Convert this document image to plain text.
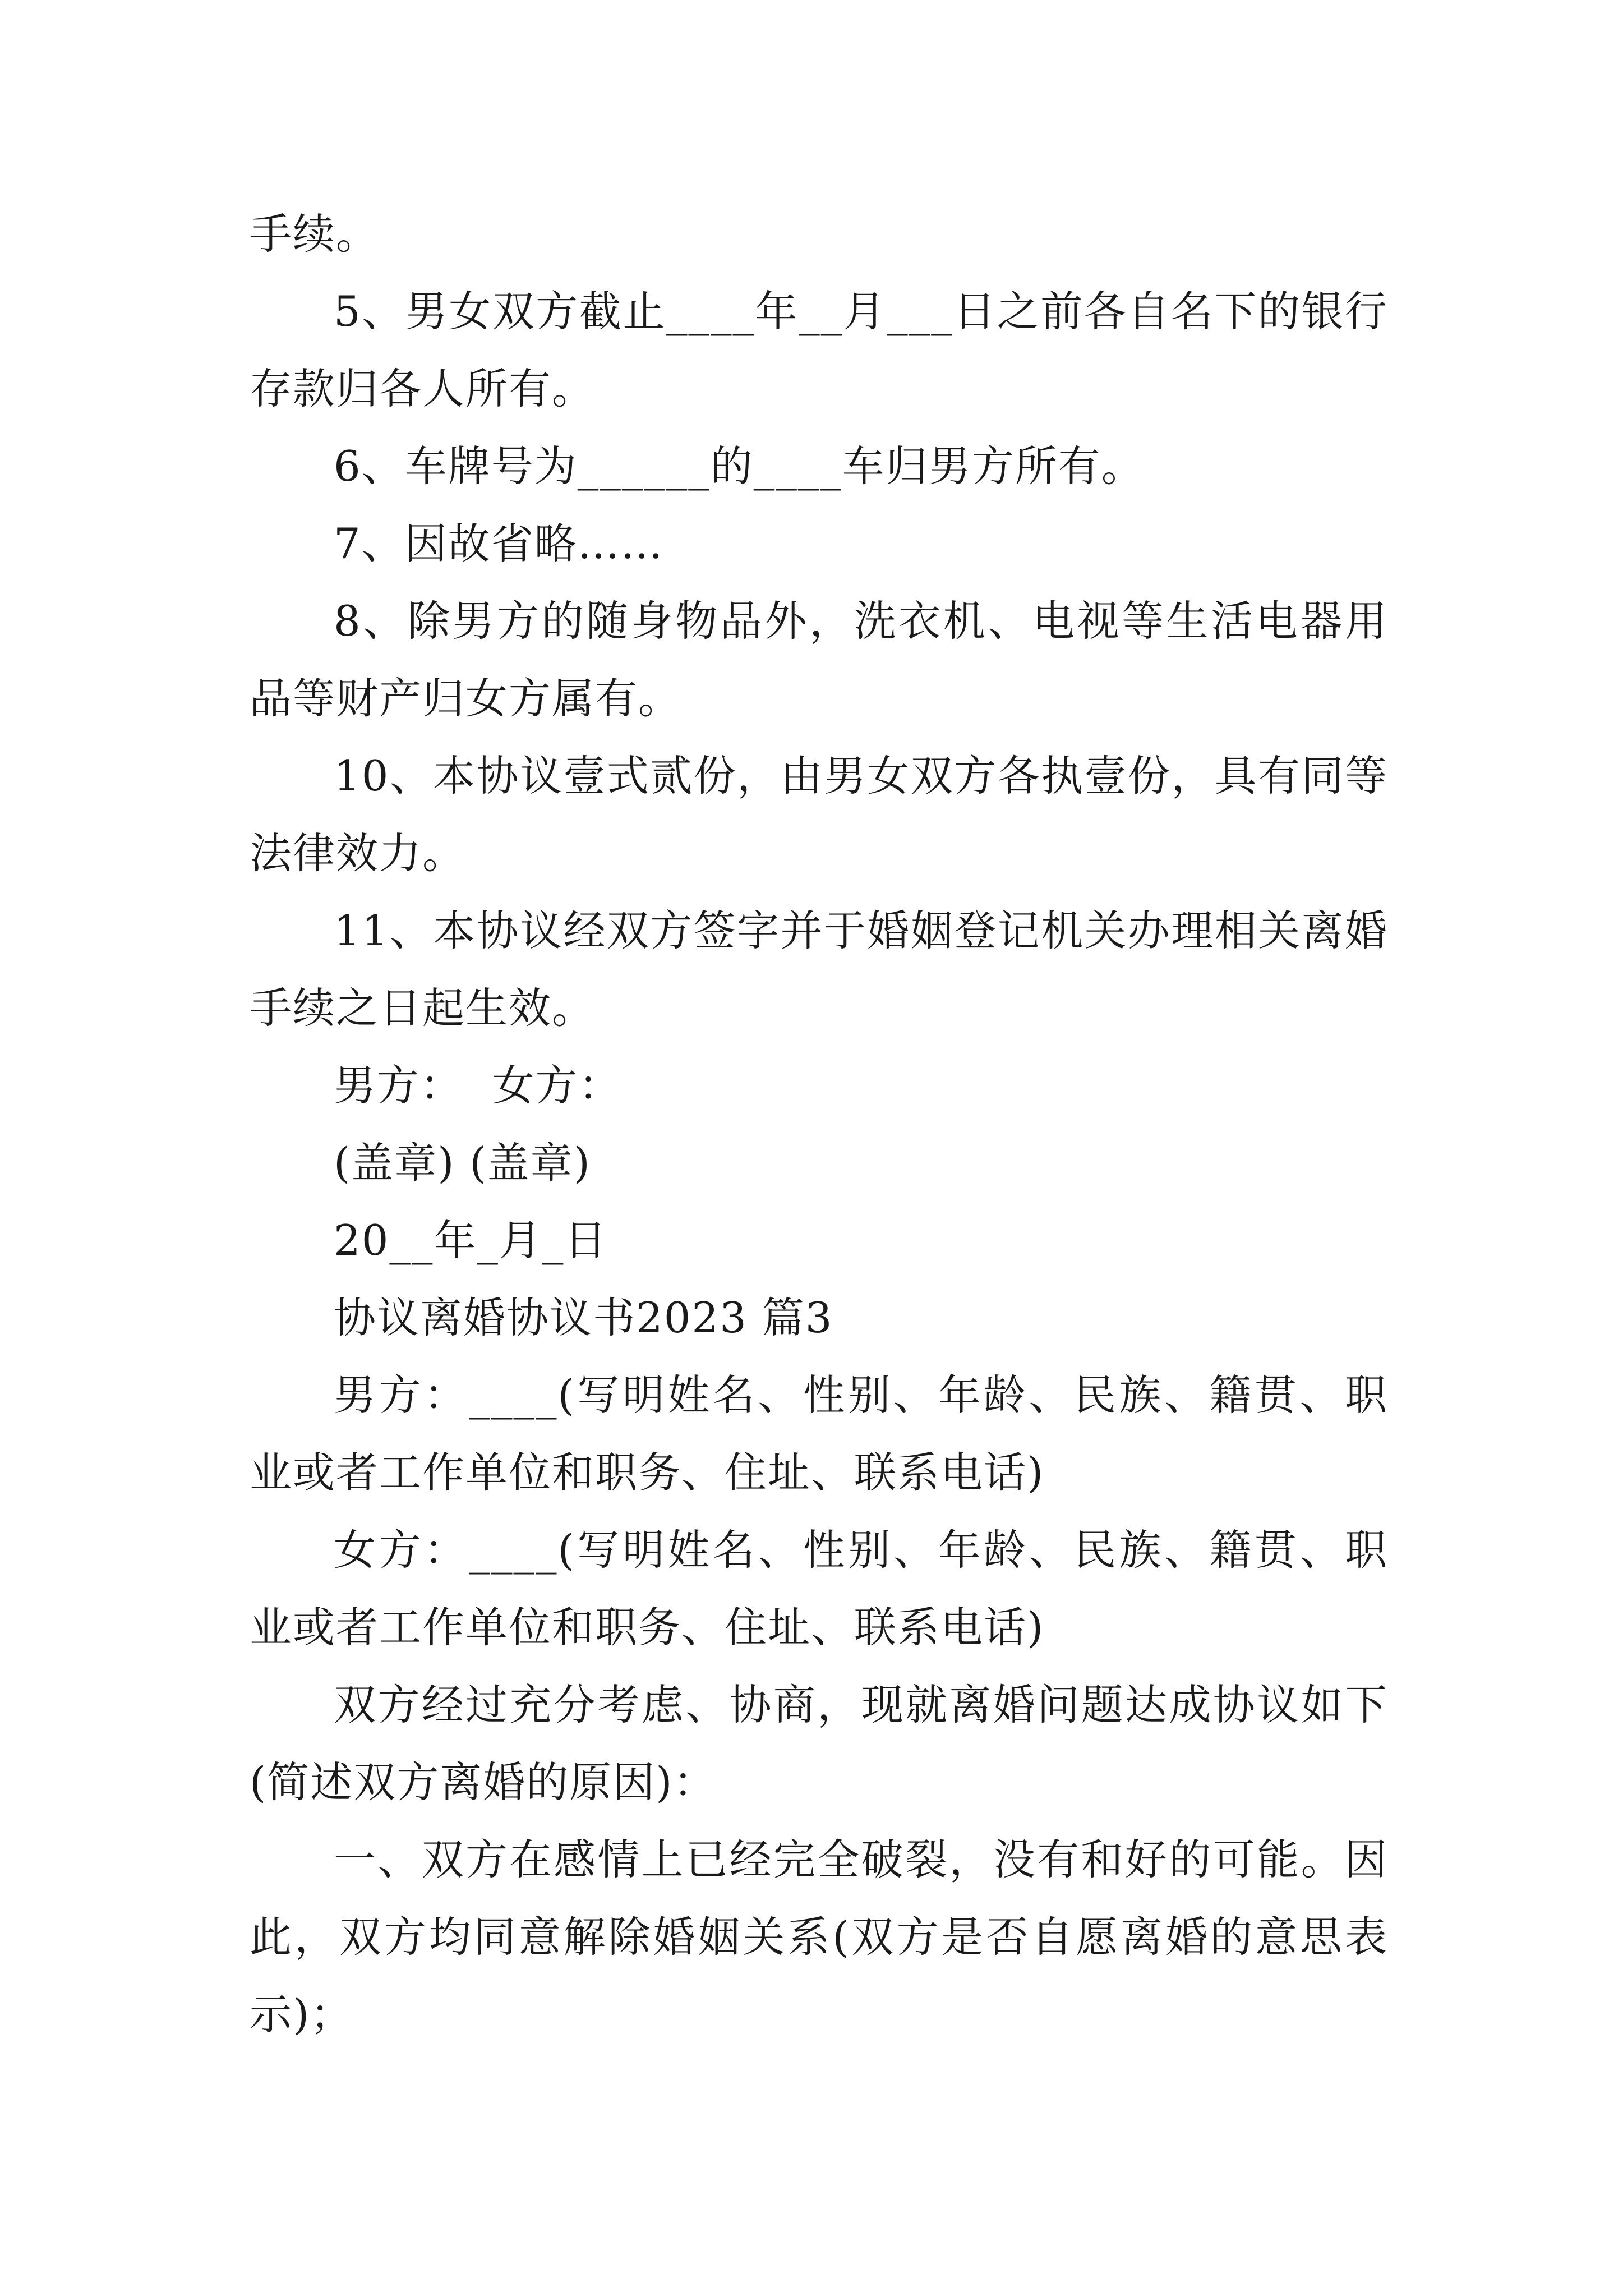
手续。

5、男女双方截止____年__月___日之前各自名下的银行存款归各人所有。

6、车牌号为______的____车归男方所有。

7、因故省略……

8、除男方的随身物品外，洗衣机、电视等生活电器用品等财产归女方属有。

10、本协议壹式贰份，由男女双方各执壹份，具有同等法律效力。

11、本协议经双方签字并于婚姻登记机关办理相关离婚手续之日起生效。

男方：  女方：

(盖章) (盖章)

20__年_月_日

协议离婚协议书2023 篇3

男方：____(写明姓名、性别、年龄、民族、籍贯、职业或者工作单位和职务、住址、联系电话)

女方：____(写明姓名、性别、年龄、民族、籍贯、职业或者工作单位和职务、住址、联系电话)

双方经过充分考虑、协商，现就离婚问题达成协议如下(简述双方离婚的原因)：

一、双方在感情上已经完全破裂，没有和好的可能。因此，双方均同意解除婚姻关系(双方是否自愿离婚的意思表示)；
